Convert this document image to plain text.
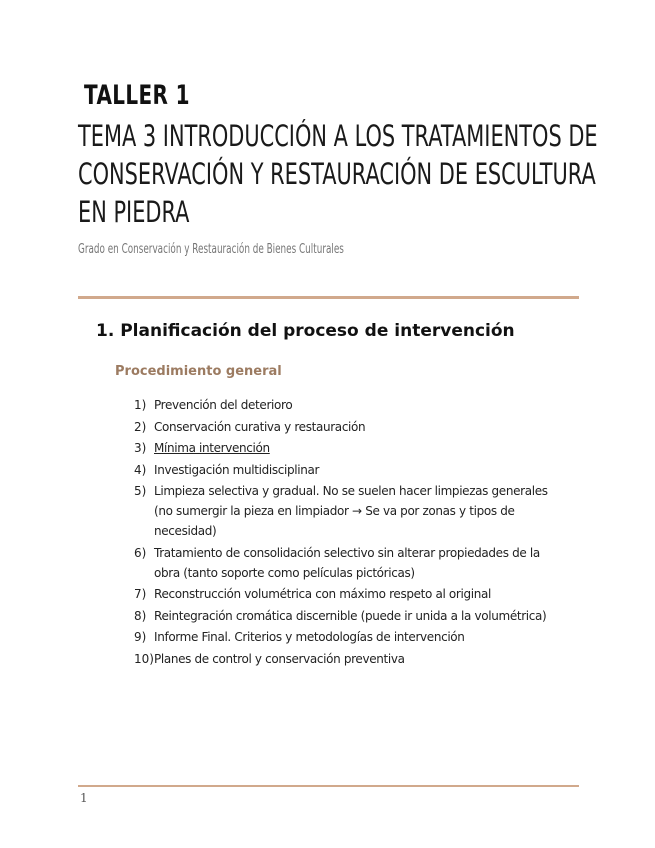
TALLER 1
TEMA 3 INTRODUCCIÓN A LOS TRATAMIENTOS DE
CONSERVACIÓN Y RESTAURACIÓN DE ESCULTURA
EN PIEDRA

Grado en Conservación y Restauración de Bienes Culturales

1. Planificación del proceso de intervención
Procedimiento general
1) Prevención del deterioro
2) Conservación curativa y restauración
3) Mínima intervención
4) Investigación multidisciplinar
5) Limpieza selectiva y gradual. No se suelen hacer limpiezas generales (no sumergir la pieza en limpiador → Se va por zonas y tipos de necesidad)
6) Tratamiento de consolidación selectivo sin alterar propiedades de la obra (tanto soporte como películas pictóricas)
7) Reconstrucción volumétrica con máximo respeto al original
8) Reintegración cromática discernible (puede ir unida a la volumétrica)
9) Informe Final. Criterios y metodologías de intervención
10) Planes de control y conservación preventiva

1
